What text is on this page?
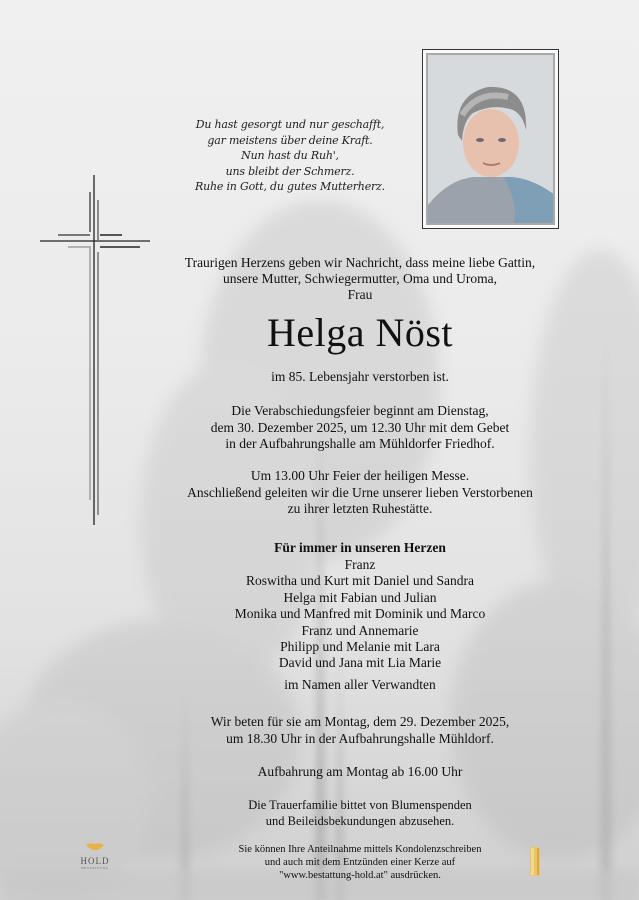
Du hast gesorgt und nur geschafft,
gar meistens über deine Kraft.
Nun hast du Ruh',
uns bleibt der Schmerz.
Ruhe in Gott, du gutes Mutterherz.
Traurigen Herzens geben wir Nachricht, dass meine liebe Gattin,
unsere Mutter, Schwiegermutter, Oma und Uroma,
Frau
Helga Nöst
im 85. Lebensjahr verstorben ist.
Die Verabschiedungsfeier beginnt am Dienstag,
dem 30. Dezember 2025, um 12.30 Uhr mit dem Gebet
in der Aufbahrungshalle am Mühldorfer Friedhof.
Um 13.00 Uhr Feier der heiligen Messe.
Anschließend geleiten wir die Urne unserer lieben Verstorbenen
zu ihrer letzten Ruhestätte.
Für immer in unseren Herzen
Franz
Roswitha und Kurt mit Daniel und Sandra
Helga mit Fabian und Julian
Monika und Manfred mit Dominik und Marco
Franz und Annemarie
Philipp und Melanie mit Lara
David und Jana mit Lia Marie
im Namen aller Verwandten
Wir beten für sie am Montag, dem 29. Dezember 2025,
um 18.30 Uhr in der Aufbahrungshalle Mühldorf.
Aufbahrung am Montag ab 16.00 Uhr
Die Trauerfamilie bittet von Blumenspenden
und Beileidsbekundungen abzusehen.
Sie können Ihre Anteilnahme mittels Kondolenzschreiben
und auch mit dem Entzünden einer Kerze auf
"www.bestattung-hold.at" ausdrücken.
HOLD
BESTATTUNG
